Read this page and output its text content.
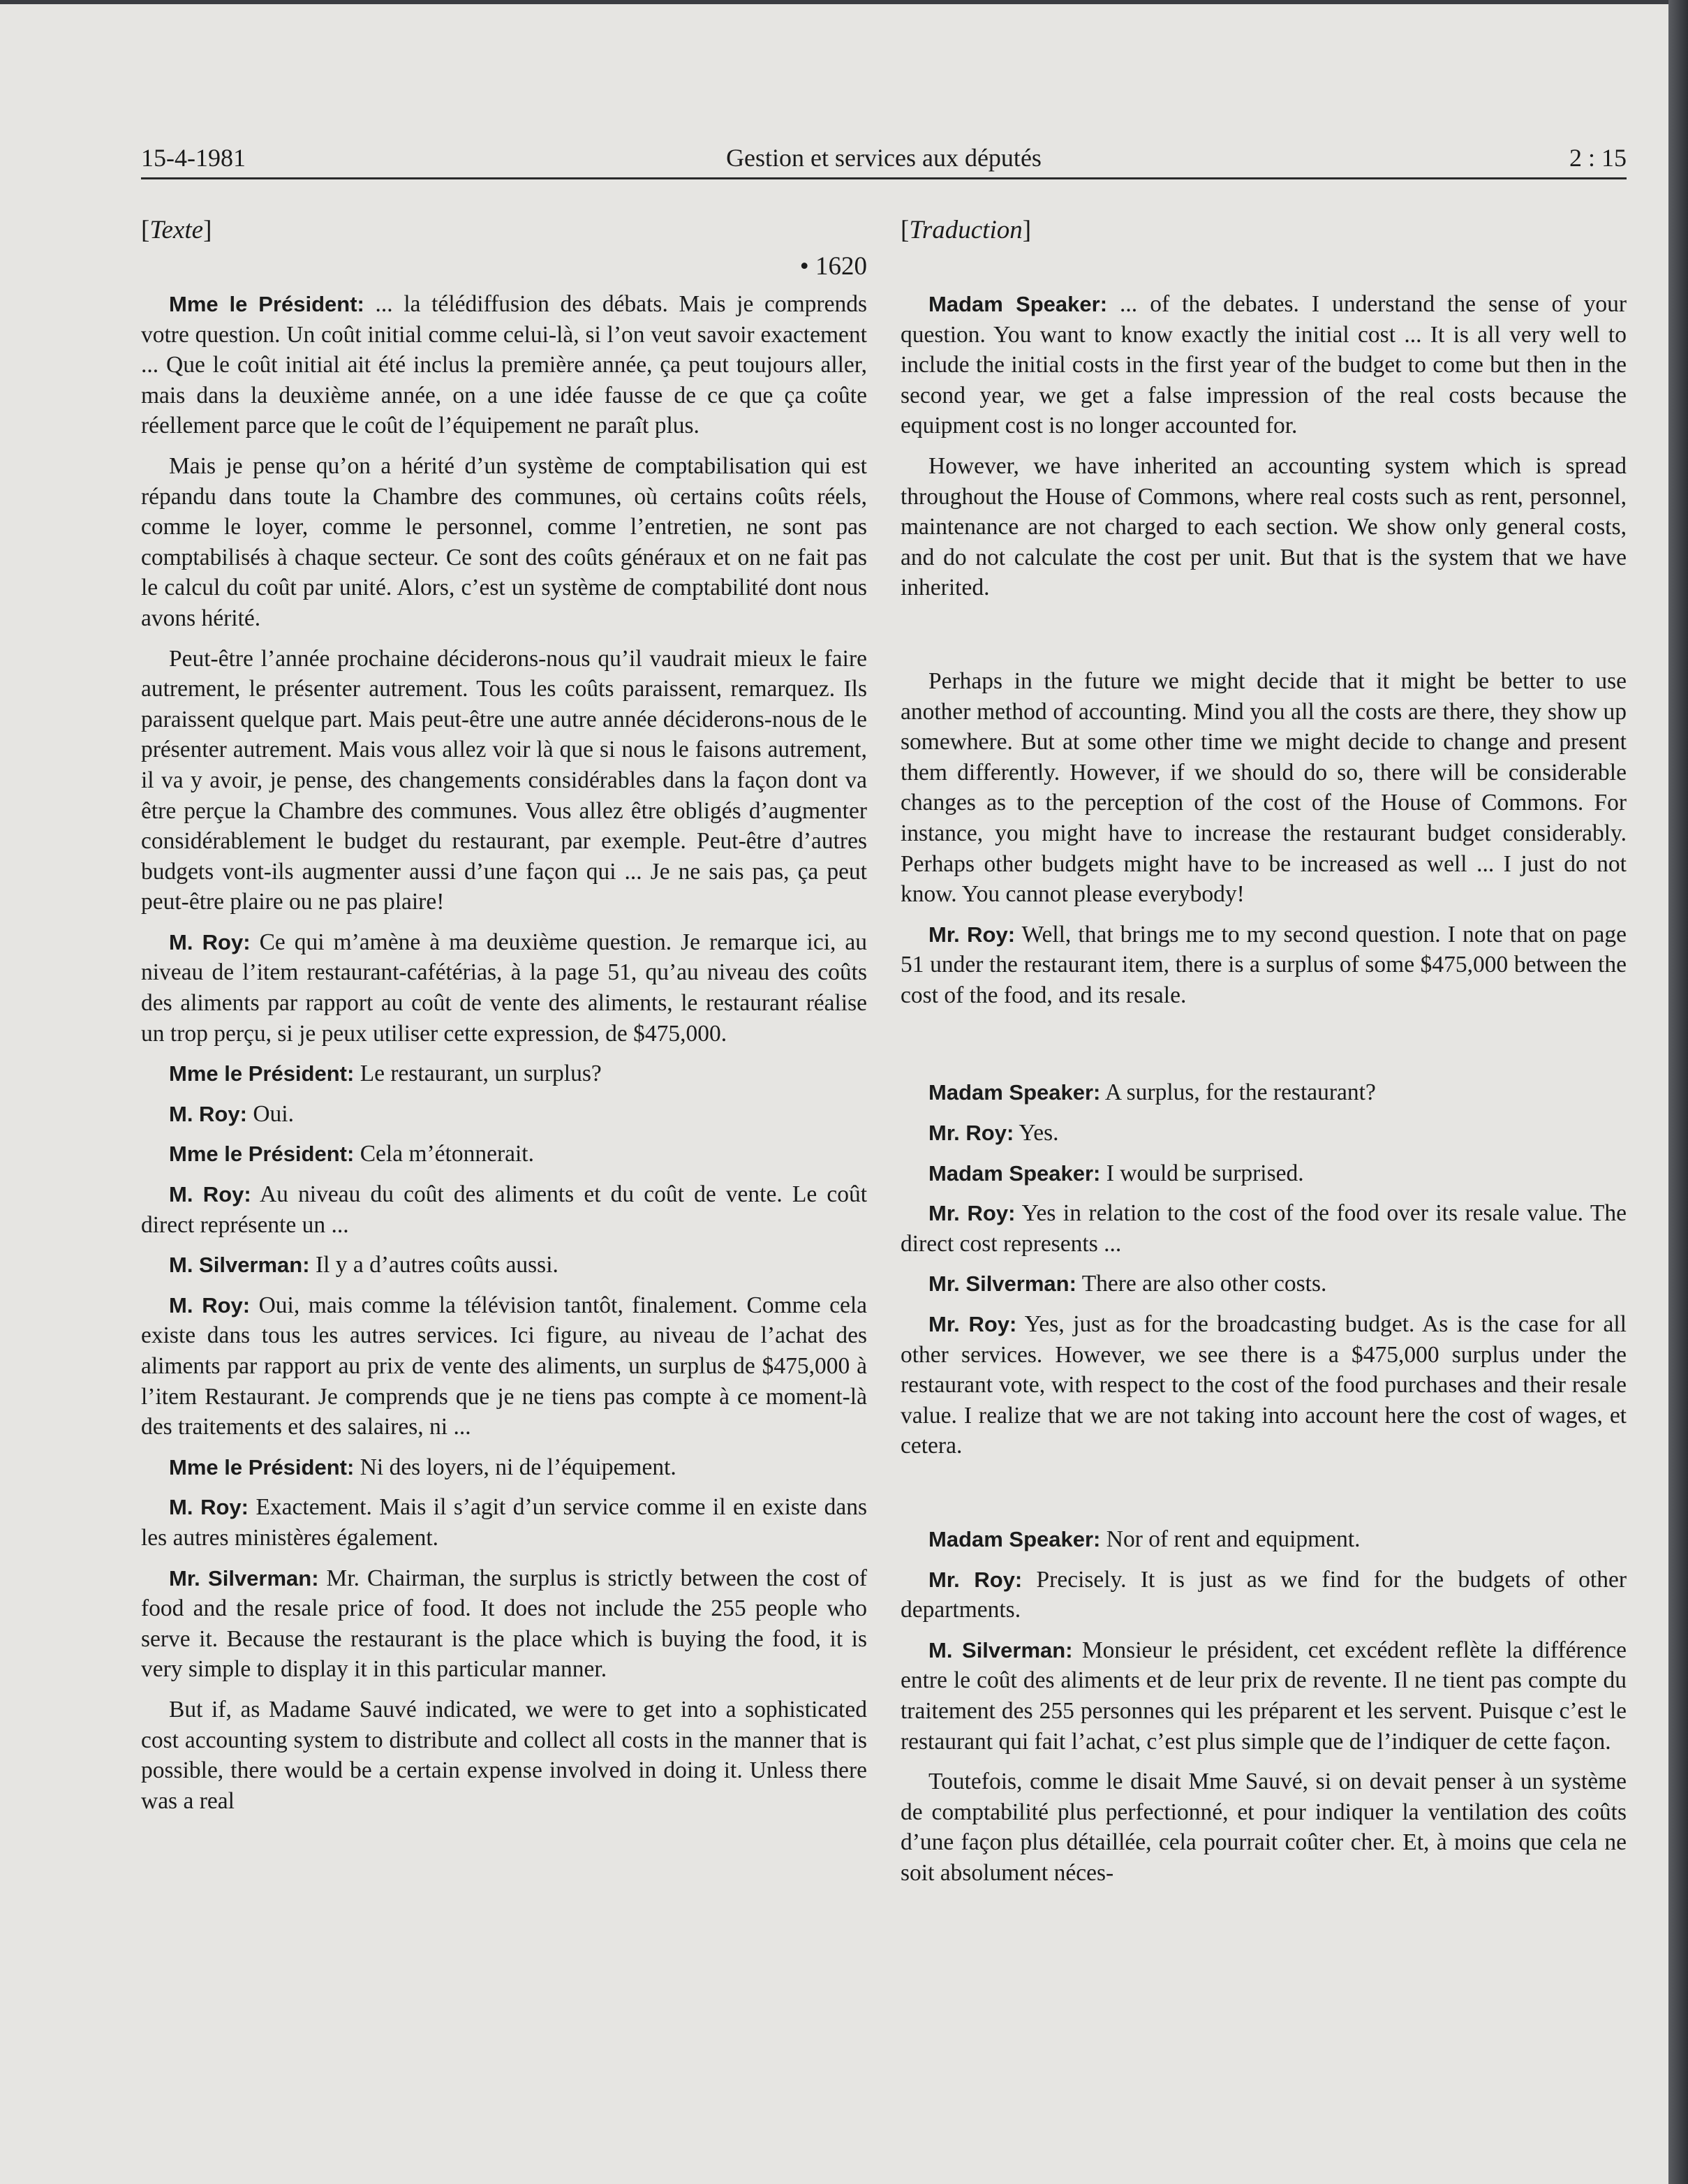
15-4-1981	Gestion et services aux députés	2 : 15
[Texte]
• 1620

Mme le Président: ... la télédiffusion des débats. Mais je comprends votre question. Un coût initial comme celui-là, si l’on veut savoir exactement ... Que le coût initial ait été inclus la première année, ça peut toujours aller, mais dans la deuxième année, on a une idée fausse de ce que ça coûte réellement parce que le coût de l’équipement ne paraît plus.

Mais je pense qu’on a hérité d’un système de comptabilisation qui est répandu dans toute la Chambre des communes, où certains coûts réels, comme le loyer, comme le personnel, comme l’entretien, ne sont pas comptabilisés à chaque secteur. Ce sont des coûts généraux et on ne fait pas le calcul du coût par unité. Alors, c’est un système de comptabilité dont nous avons hérité.

Peut-être l’année prochaine déciderons-nous qu’il vaudrait mieux le faire autrement, le présenter autrement. Tous les coûts paraissent, remarquez. Ils paraissent quelque part. Mais peut-être une autre année déciderons-nous de le présenter autrement. Mais vous allez voir là que si nous le faisons autrement, il va y avoir, je pense, des changements considérables dans la façon dont va être perçue la Chambre des communes. Vous allez être obligés d’augmenter considérablement le budget du restaurant, par exemple. Peut-être d’autres budgets vont-ils augmenter aussi d’une façon qui ... Je ne sais pas, ça peut peut-être plaire ou ne pas plaire!

M. Roy: Ce qui m’amène à ma deuxième question. Je remarque ici, au niveau de l’item restaurant-cafétérias, à la page 51, qu’au niveau des coûts des aliments par rapport au coût de vente des aliments, le restaurant réalise un trop perçu, si je peux utiliser cette expression, de $475,000.

Mme le Président: Le restaurant, un surplus?

M. Roy: Oui.

Mme le Président: Cela m’étonnerait.

M. Roy: Au niveau du coût des aliments et du coût de vente. Le coût direct représente un ...

M. Silverman: Il y a d’autres coûts aussi.

M. Roy: Oui, mais comme la télévision tantôt, finalement. Comme cela existe dans tous les autres services. Ici figure, au niveau de l’achat des aliments par rapport au prix de vente des aliments, un surplus de $475,000 à l’item Restaurant. Je comprends que je ne tiens pas compte à ce moment-là des traitements et des salaires, ni ...

Mme le Président: Ni des loyers, ni de l’équipement.

M. Roy: Exactement. Mais il s’agit d’un service comme il en existe dans les autres ministères également.

Mr. Silverman: Mr. Chairman, the surplus is strictly between the cost of food and the resale price of food. It does not include the 255 people who serve it. Because the restaurant is the place which is buying the food, it is very simple to display it in this particular manner.

But if, as Madame Sauvé indicated, we were to get into a sophisticated cost accounting system to distribute and collect all costs in the manner that is possible, there would be a certain expense involved in doing it. Unless there was a real

[Traduction]

Madam Speaker: ... of the debates. I understand the sense of your question. You want to know exactly the initial cost ... It is all very well to include the initial costs in the first year of the budget to come but then in the second year, we get a false impression of the real costs because the equipment cost is no longer accounted for.

However, we have inherited an accounting system which is spread throughout the House of Commons, where real costs such as rent, personnel, maintenance are not charged to each section. We show only general costs, and do not calculate the cost per unit. But that is the system that we have inherited.

Perhaps in the future we might decide that it might be better to use another method of accounting. Mind you all the costs are there, they show up somewhere. But at some other time we might decide to change and present them differently. However, if we should do so, there will be considerable changes as to the perception of the cost of the House of Commons. For instance, you might have to increase the restaurant budget considerably. Perhaps other budgets might have to be increased as well ... I just do not know. You cannot please everybody!

Mr. Roy: Well, that brings me to my second question. I note that on page 51 under the restaurant item, there is a surplus of some $475,000 between the cost of the food, and its resale.

Madam Speaker: A surplus, for the restaurant?

Mr. Roy: Yes.

Madam Speaker: I would be surprised.

Mr. Roy: Yes in relation to the cost of the food over its resale value. The direct cost represents ...

Mr. Silverman: There are also other costs.

Mr. Roy: Yes, just as for the broadcasting budget. As is the case for all other services. However, we see there is a $475,000 surplus under the restaurant vote, with respect to the cost of the food purchases and their resale value. I realize that we are not taking into account here the cost of wages, et cetera.

Madam Speaker: Nor of rent and equipment.

Mr. Roy: Precisely. It is just as we find for the budgets of other departments.

M. Silverman: Monsieur le président, cet excédent reflète la différence entre le coût des aliments et de leur prix de revente. Il ne tient pas compte du traitement des 255 personnes qui les préparent et les servent. Puisque c’est le restaurant qui fait l’achat, c’est plus simple que de l’indiquer de cette façon.

Toutefois, comme le disait Mme Sauvé, si on devait penser à un système de comptabilité plus perfectionné, et pour indiquer la ventilation des coûts d’une façon plus détaillée, cela pourrait coûter cher. Et, à moins que cela ne soit absolument néces-
